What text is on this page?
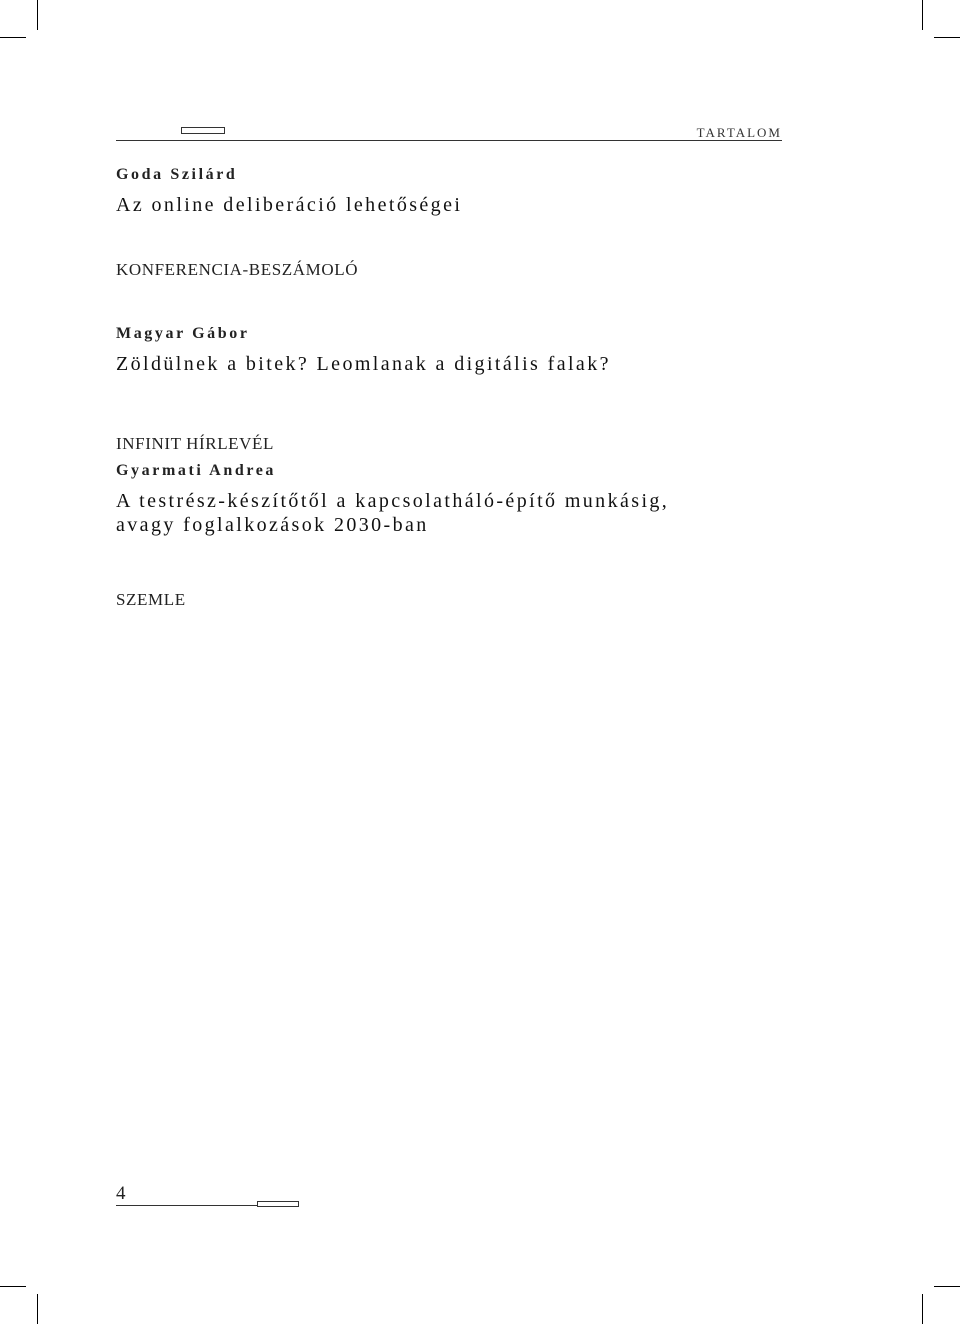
TARTALOM

Goda Szilárd

Az online deliberáció lehetőségei

KONFERENCIA-BESZÁMOLÓ

Magyar Gábor

Zöldülnek a bitek? Leomlanak a digitális falak?

INFINIT HÍRLEVÉL

Gyarmati Andrea

A testrész-készítőtől a kapcsolatháló-építő munkásig,

avagy foglalkozások 2030-ban

SZEMLE

4
